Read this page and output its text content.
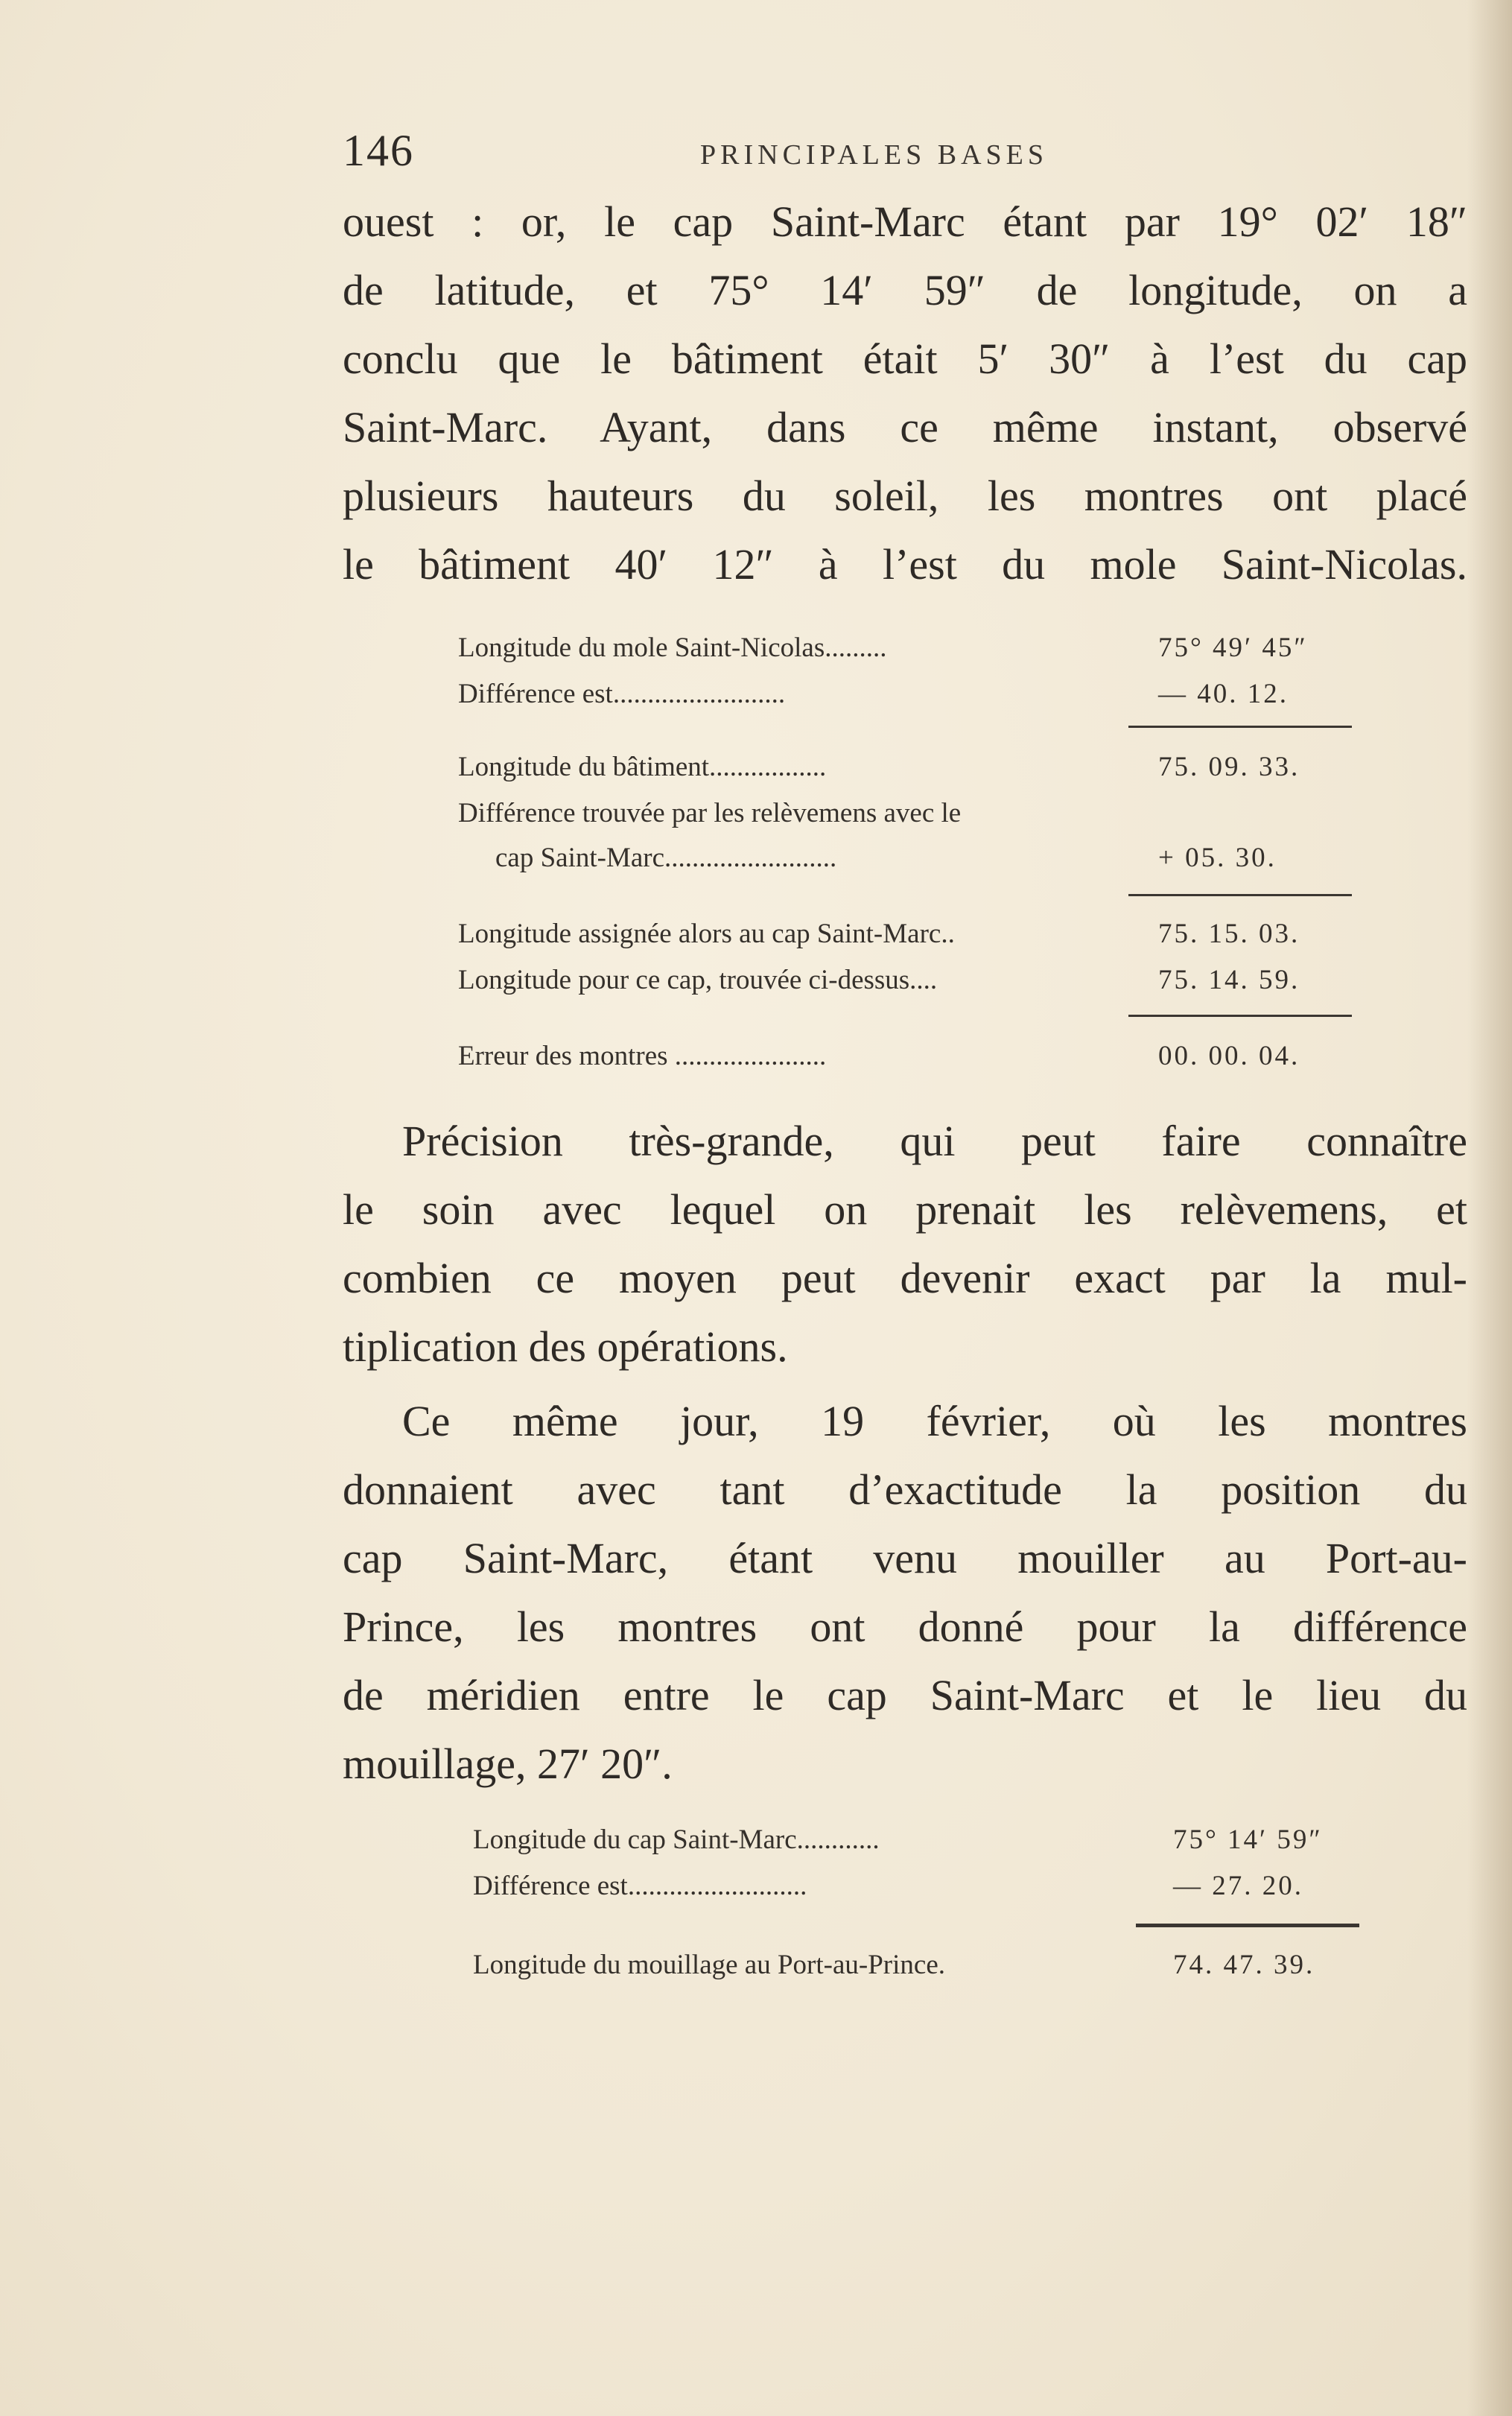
146	PRINCIPALES BASES
ouest : or, le cap Saint-Marc étant par 19° 02′ 18″
de latitude, et 75° 14′ 59″ de longitude, on a
conclu que le bâtiment était 5′ 30″ à l’est du cap
Saint-Marc. Ayant, dans ce même instant, observé
plusieurs hauteurs du soleil, les montres ont placé
le bâtiment 40′ 12″ à l’est du mole Saint-Nicolas.
Longitude du mole Saint-Nicolas.........	75° 49′ 45″
Différence est.........................	— 40. 12.
Longitude du bâtiment.................	75. 09. 33.
Différence trouvée par les relèvemens avec le
cap Saint-Marc.........................	+ 05. 30.
Longitude assignée alors au cap Saint-Marc..	75. 15. 03.
Longitude pour ce cap, trouvée ci-dessus....	75. 14. 59.
Erreur des montres ......................	00. 00. 04.
Précision très-grande, qui peut faire connaître
le soin avec lequel on prenait les relèvemens, et
combien ce moyen peut devenir exact par la mul-
tiplication des opérations.
Ce même jour, 19 février, où les montres
donnaient avec tant d’exactitude la position du
cap Saint-Marc, étant venu mouiller au Port-au-
Prince, les montres ont donné pour la différence
de méridien entre le cap Saint-Marc et le lieu du
mouillage, 27′ 20″.
Longitude du cap Saint-Marc............	75° 14′ 59″
Différence est..........................	— 27. 20.
Longitude du mouillage au Port-au-Prince.	74. 47. 39.
